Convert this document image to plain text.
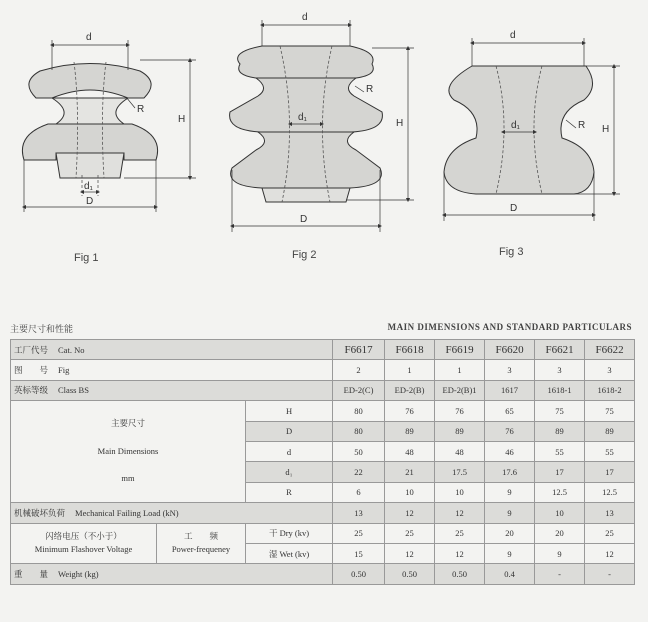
d
D
d₁
H
R
d
D
d₁
H
R
d
D
d₁	H
R
Fig 1	Fig 2	Fig 3
主要尺寸和性能	MAIN DIMENSIONS AND STANDARD PARTICULARS
工厂代号 Cat. No		F6617	F6618	F6619	F6620	F6621	F6622
图　　号 Fig		2	1	1	3	3	3
英标等级 Class BS		ED-2(C)	ED-2(B)	ED-2(B)1	1617	1618-1	1618-2

主要尺寸
Main Dimensions
mm	H	80	76	76	65	75	75
	D	80	89	89	76	89	89
	d	50	48	48	46	55	55
	d₁	22	21	17.5	17.6	17	17
	R	6	10	10	9	12.5	12.5
机械破坏负荷 Mechanical Failing Load (kN)		13	12	12	9	10	13

闪络电压（不小于）
Minimum Flashover Voltage
工　　频
Power-frequeney	干 Dry (kv)	25	25	25	20	20	25
	湿 Wet (kv)	15	12	12	9	9	12
重　　量 Weight (kg)		0.50	0.50	0.50	0.4	-	-
